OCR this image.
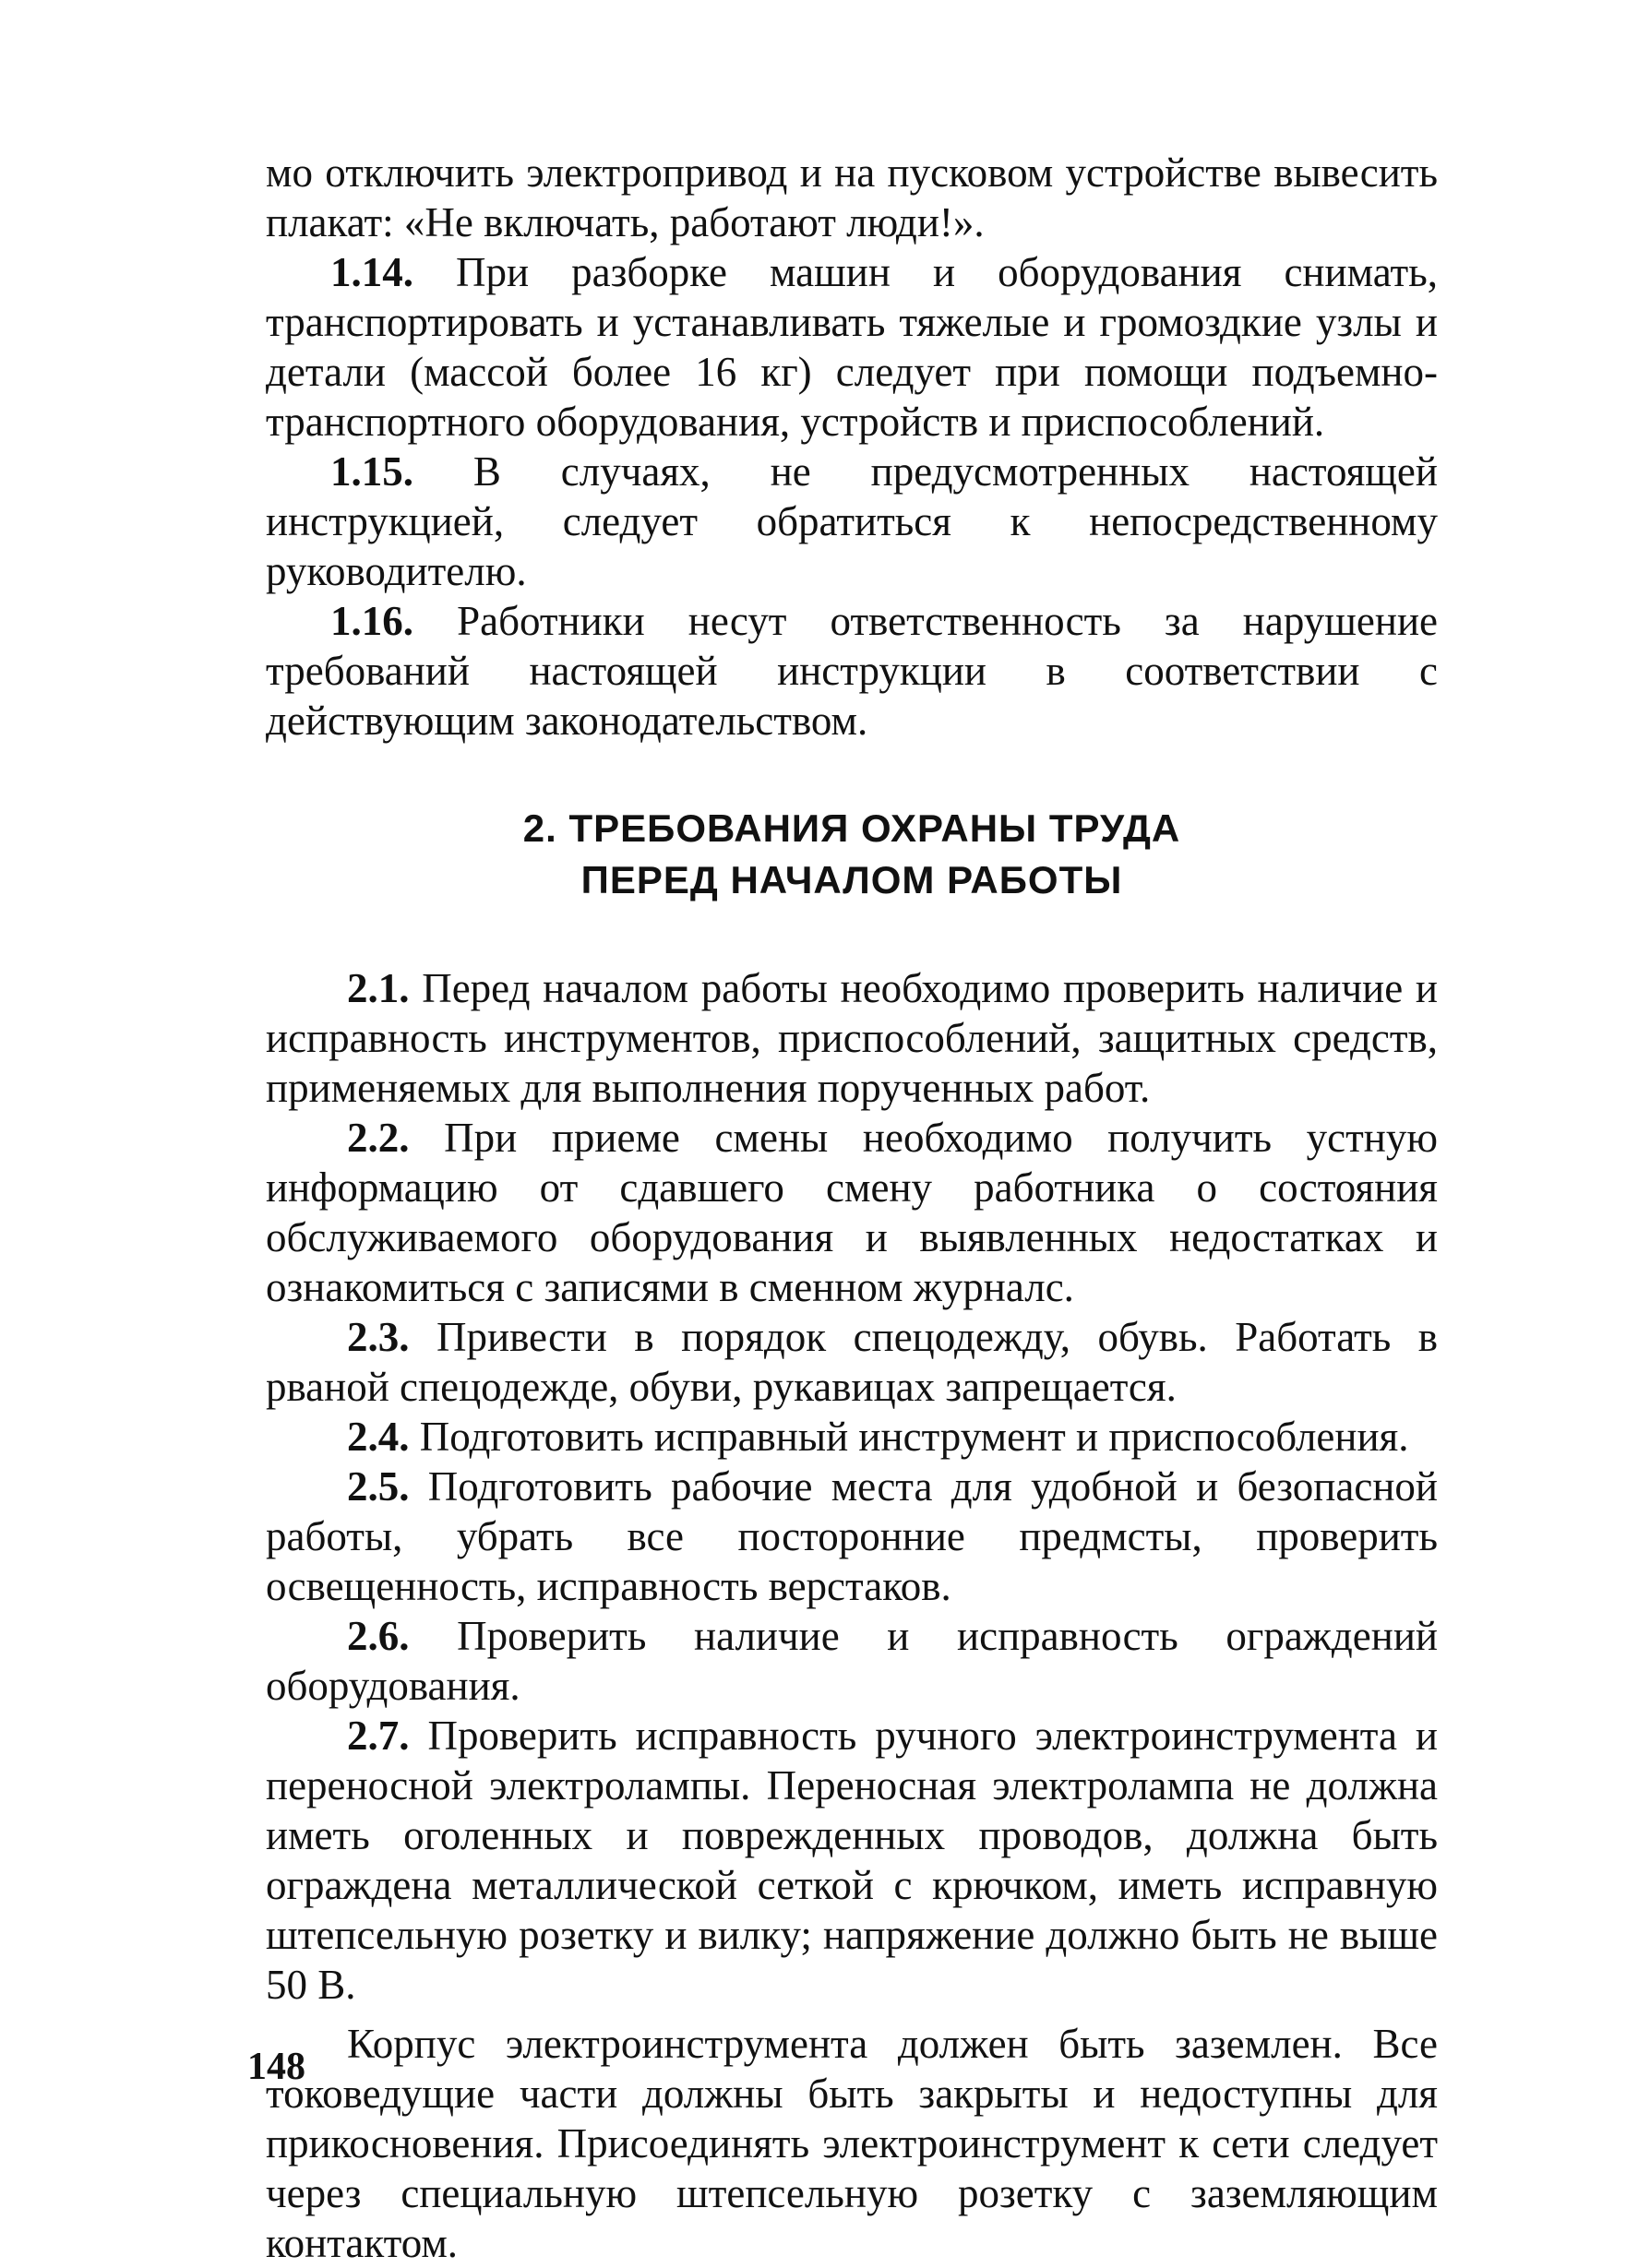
мо отключить электропривод и на пусковом устройстве вывесить плакат: «Не включать, работают люди!».

1.14. При разборке машин и оборудования снимать, транспортировать и устанавливать тяжелые и громоздкие узлы и детали (массой более 16 кг) следует при помощи подъемно-транспортного оборудования, устройств и приспособлений.

1.15. В случаях, не предусмотренных настоящей инструкцией, следует обратиться к непосредственному руководителю.

1.16. Работники несут ответственность за нарушение требований настоящей инструкции в соответствии с действующим законодательством.

2. ТРЕБОВАНИЯ ОХРАНЫ ТРУДА
ПЕРЕД НАЧАЛОМ РАБОТЫ

2.1. Перед началом работы необходимо проверить наличие и исправность инструментов, приспособлений, защитных средств, применяемых для выполнения порученных работ.

2.2. При приеме смены необходимо получить устную информацию от сдавшего смену работника о состояния обслуживаемого оборудования и выявленных недостатках и ознакомиться с записями в сменном журналс.

2.3. Привести в порядок спецодежду, обувь. Работать в рваной спецодежде, обуви, рукавицах запрещается.

2.4. Подготовить исправный инструмент и приспособления.

2.5. Подготовить рабочие места для удобной и безопасной работы, убрать все посторонние предмсты, проверить освещенность, исправность верстаков.

2.6. Проверить наличие и исправность ограждений оборудования.

2.7. Проверить исправность ручного электроинструмента и переносной электролампы. Переносная электролампа не должна иметь оголенных и поврежденных проводов, должна быть ограждена металлической сеткой с крючком, иметь исправную штепсельную розетку и вилку; напряжение должно быть не выше 50 В.

Корпус электроинструмента должен быть заземлен. Все токоведущие части должны быть закрыты и недоступны для прикосновения. Присоединять электроинструмент к сети следует через специальную штепсельную розетку с заземляющим контактом.

148
